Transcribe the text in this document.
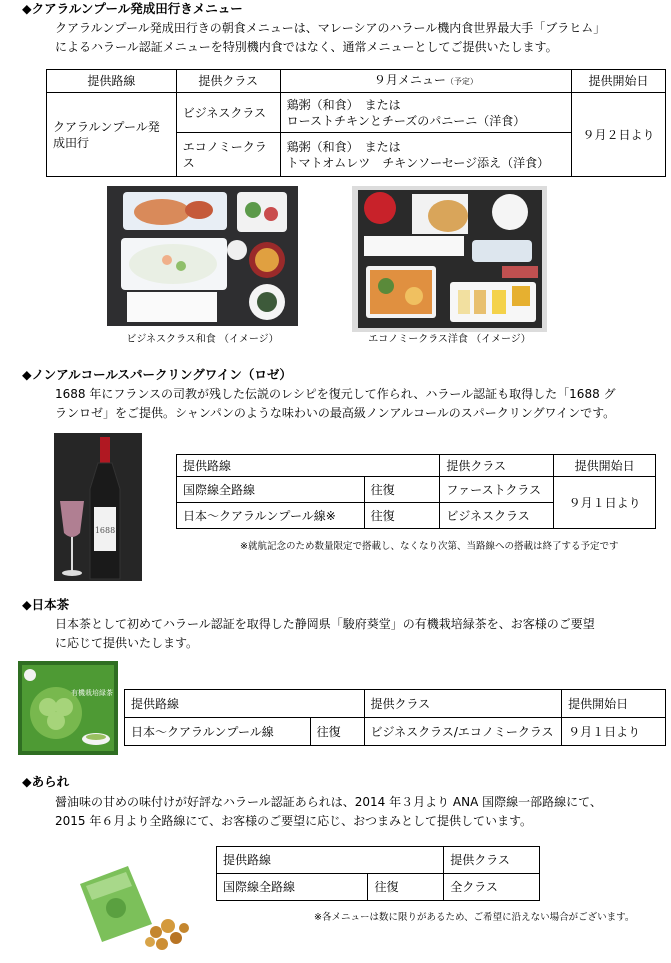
◆クアラルンプール発成田行きメニュー
クアラルンプール発成田行きの朝食メニューは、マレーシアのハラール機内食世界最大手「ブラヒム」
によるハラール認証メニューを特別機内食ではなく、通常メニューとしてご提供いたします。
提供路線	提供クラス	９月メニュー（予定）	提供開始日
クアラルンプール発成田行	ビジネスクラス	鶏粥（和食）　または
ローストチキンとチーズのパニーニ（洋食）	９月２日より
	エコノミークラス	鶏粥（和食）　または
トマトオムレツ　チキンソーセージ添え（洋食）	
ビジネスクラス和食 （イメージ）	エコノミークラス洋食 （イメージ）
◆ノンアルコールスパークリングワイン（ロゼ）
1688 年にフランスの司教が残した伝説のレシピを復元して作られ、ハラール認証も取得した「1688 グ
ランロゼ」をご提供。シャンパンのような味わいの最高級ノンアルコールのスパークリングワインです。
1688
提供路線		提供クラス	提供開始日
国際線全路線	往復	ファーストクラス	９月１日より
日本～クアラルンプール線※	往復	ビジネスクラス	
※就航記念のため数量限定で搭載し、なくなり次第、当路線への搭載は終了する予定です
◆日本茶
日本茶として初めてハラール認証を取得した静岡県「駿府葵堂」の有機栽培緑茶を、お客様のご要望
に応じて提供いたします。
有機栽培緑茶
提供路線		提供クラス	提供開始日
日本～クアラルンプール線	往復	ビジネスクラス/エコノミークラス	９月１日より
◆あられ
醤油味の甘めの味付けが好評なハラール認証あられは、2014 年３月より ANA 国際線一部路線にて、
2015 年６月より全路線にて、お客様のご要望に応じ、おつまみとして提供しています。
提供路線		提供クラス
国際線全路線	往復	全クラス
※各メニューは数に限りがあるため、ご希望に沿えない場合がございます。
